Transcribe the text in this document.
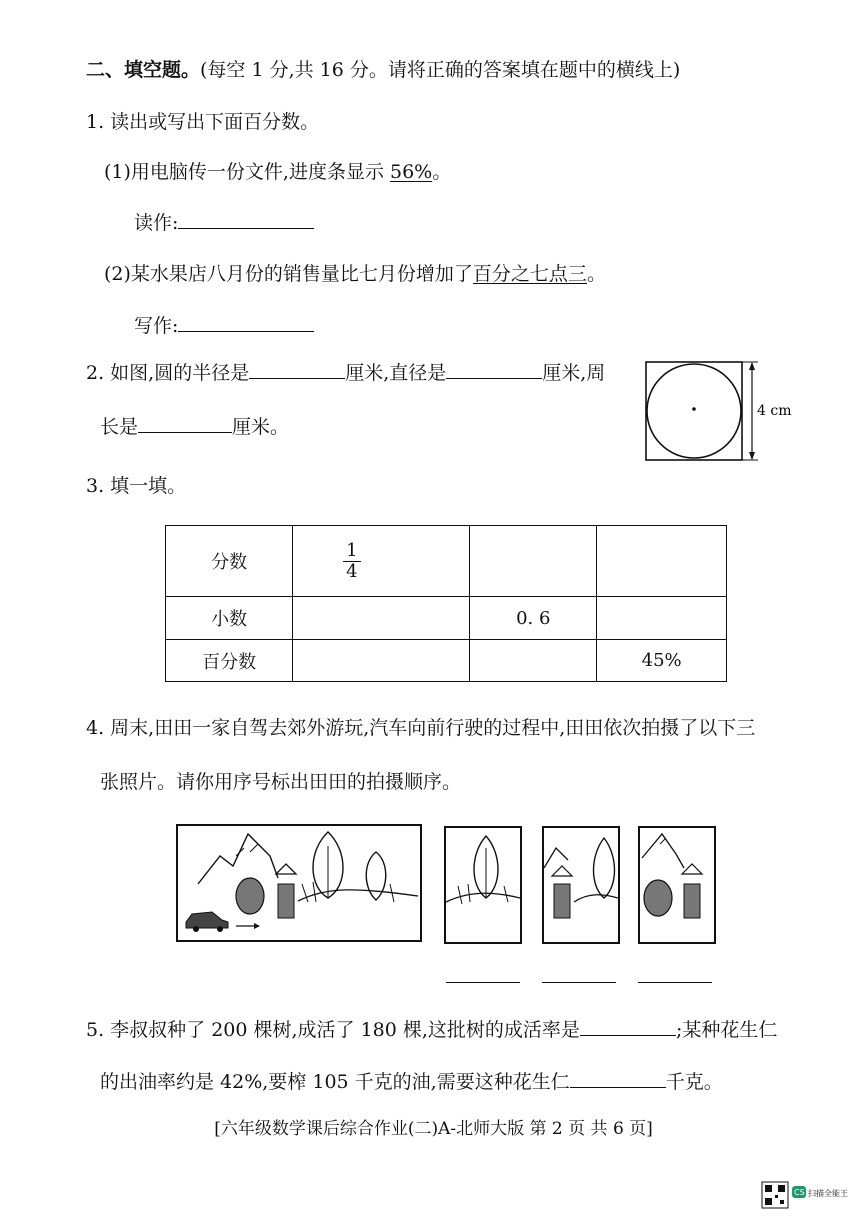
二、填空题。(每空 1 分,共 16 分。请将正确的答案填在题中的横线上)
1. 读出或写出下面百分数。
(1)用电脑传一份文件,进度条显示 56%。
读作:
(2)某水果店八月份的销售量比七月份增加了百分之七点三。
写作:
2. 如图,圆的半径是	厘米,直径是	厘米,周
长是	厘米。
4 cm
3. 填一填。
分数	$\frac{1}{4}$

小数		0. 6	
百分数			45%
4. 周末,田田一家自驾去郊外游玩,汽车向前行驶的过程中,田田依次拍摄了以下三
张照片。请你用序号标出田田的拍摄顺序。
5. 李叔叔种了 200 棵树,成活了 180 棵,这批树的成活率是	;某种花生仁
的出油率约是 42%,要榨 105 千克的油,需要这种花生仁	千克。
[六年级数学课后综合作业(二)A-北师大版 第 2 页 共 6 页]
CS 扫描全能王
